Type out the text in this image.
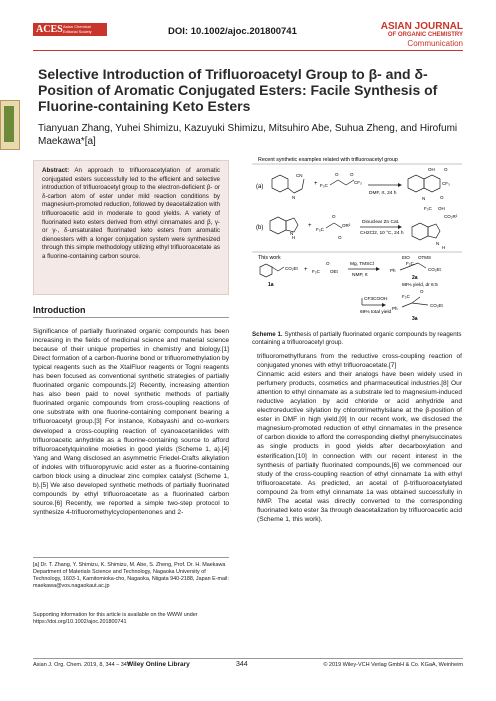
ACES Asian Chemical Editorial Society	DOI: 10.1002/ajoc.201800741	ASIAN JOURNAL
OF ORGANIC CHEMISTRY
Communication
Selective Introduction of Trifluoroacetyl Group to β- and δ-Position of Aromatic Conjugated Esters: Facile Synthesis of Fluorine-containing Keto Esters
Tianyuan Zhang, Yuhei Shimizu, Kazuyuki Shimizu, Mitsuhiro Abe, Suhua Zheng, and Hirofumi Maekawa*[a]
Abstract: An approach to trifluoroacetylation of aromatic conjugated esters successfully led to the efficient and selective introduction of trifluoroacetyl group to the electron-deficient β- or δ-carbon atom of ester under mild reaction conditions by magnesium-promoted reduction, followed by deacetalization with trifluoroacetic acid in moderate to good yields. A variety of fluorinated keto esters derived from ethyl cinnamates and β, γ- or γ-, δ-unsaturated fluorinated keto esters from aromatic dienoesters with a longer conjugation system were synthesized through this simple methodology utilizing ethyl trifluoroacetate as a fluorine-containing carbon source.
Recent synthetic examples related with trifluoroacetyl group
(a)
CN
N
+ F₃C
O	O
CF₃
DMF, rt, 24 h
OH O
CF₃
O
N
(b)
H
N
+
F₃C
O
OR²
O
Dinuclear Zn Cat.
CH2Cl2, 10 °C, 24 h
F₃C OH
CO₂R²
N
H
This work
CO₂Et
1a
+ F₃C
O
OEt
Mg, TMSCl
NMP, rt
EtO OTMS
Ph
F₃C
CO₂Et
2a
88% yield, dr 6:5
CF3COOH
69% total yield
F₃C
O
Ph
CO₂Et
3a
Scheme 1. Synthesis of partially fluorinated organic compounds by reagents containing a trifluoroacetyl group.
Introduction
Significance of partially fluorinated organic compounds has been increasing in the fields of medicinal science and material science because of their unique properties in chemistry and biology.[1] Direct formation of a carbon-fluorine bond or trifluoromethylation by typical reagents such as the XtalFluor reagents or Togni reagents has been focused as conventional synthetic strategies of partially fluorinated organic compounds.[2] Recently, increasing attention has also been paid to novel synthetic methods of partially fluorinated organic compounds from cross-coupling reactions of one substrate with one fluorine-containing component bearing a trifluoroacetyl group.[3] For instance, Kobayashi and co-workers developed a cross-coupling reaction of cyanoacetanilides with trifluoroacetic anhydride as a fluorine-containing source to afford trifluoroacetylquinoline moieties in good yields (Scheme 1, a).[4] Yang and Wang disclosed an asymmetric Friedel-Crafts alkylation of indoles with trifluoropyruvic acid ester as a fluorine-containing carbon block using a dinuclear zinc complex catalyst (Scheme 1, b).[5] We also developed synthetic methods of partially fluorinated compounds by ethyl trifluoroacetate as a fluorinated carbon source.[6] Recently, we reported a simple two-step protocol to synthesize 4-trifluoromethylcyclopentenones and 2-
trifluoromethylfurans from the reductive cross-coupling reaction of conjugated ynones with ethyl trifluoroacetate.[7]
Cinnamic acid esters and their analogs have been widely used in perfumery products, cosmetics and pharmaceutical industries.[8] Our attention to ethyl cinnamate as a substrate led to magnesium-induced reductive acylation by acid chloride or acid anhydride and electroreductive silylation by chlorotrimethylsilane at the β-position of ester in DMF in high yield.[9] In our recent work, we disclosed the magnesium-promoted reduction of ethyl cinnamates in the presence of carbon dioxide to afford the corresponding diethyl phenylsuccinates as single products in good yields after decarboxylation and esterification.[10] In connection with our recent interest in the synthesis of partially fluorinated compounds,[6] we commenced our study of the cross-coupling reaction of ethyl cinnamate 1a with ethyl trifluoroacetate. As predicted, an acetal of β-trifluoroacetylated compound 2a from ethyl cinnamate 1a was obtained successfully in NMP. The acetal was directly converted to the corresponding fluorinated keto ester 3a through deacetalization by trifluoroacetic acid (Scheme 1, this work).
[a] Dr. T. Zhang, Y. Shimizu, K. Shimizu, M. Abe, S. Zheng, Prof. Dr. H. Maekawa Department of Materials Science and Technology, Nagaoka University of Technology, 1603-1, Kamitomioka-cho, Nagaoka, Niigata 940-2188, Japan E-mail: maekawa@vos.nagaokaut.ac.jp
Supporting information for this article is available on the WWW under https://doi.org/10.1002/ajoc.201800741
Asian J. Org. Chem. 2019, 8, 344 – 347
Wiley Online Library	344	© 2019 Wiley-VCH Verlag GmbH & Co. KGaA, Weinheim
